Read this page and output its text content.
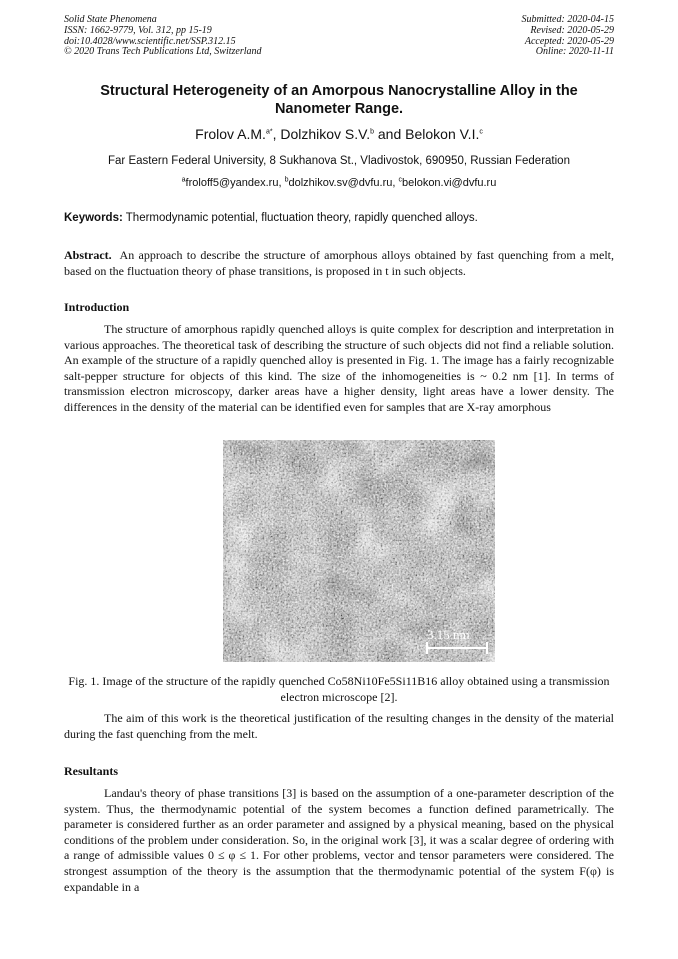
Solid State Phenomena
ISSN: 1662-9779, Vol. 312, pp 15-19
doi:10.4028/www.scientific.net/SSP.312.15
© 2020 Trans Tech Publications Ltd, Switzerland
Submitted: 2020-04-15
Revised: 2020-05-29
Accepted: 2020-05-29
Online: 2020-11-11
Structural Heterogeneity of an Amorpous Nanocrystalline Alloy in the Nanometer Range.
Frolov A.M.$^{a*}$, Dolzhikov S.V.$^b$ and Belokon V.I.$^c$
Far Eastern Federal University, 8 Sukhanova St., Vladivostok, 690950, Russian Federation
$^a$froloff5@yandex.ru, $^b$dolzhikov.sv@dvfu.ru, $^c$belokon.vi@dvfu.ru
Keywords: Thermodynamic potential, fluctuation theory, rapidly quenched alloys.
Abstract.  An approach to describe the structure of amorphous alloys obtained by fast quenching from a melt, based on the fluctuation theory of phase transitions, is proposed in t in such objects.
Introduction
The structure of amorphous rapidly quenched alloys is quite complex for description and interpretation in various approaches. The theoretical task of describing the structure of such objects did not find a reliable solution. An example of the structure of a rapidly quenched alloy is presented in Fig. 1. The image has a fairly recognizable salt-pepper structure for objects of this kind. The size of the inhomogeneities is ~ 0.2 nm [1]. In terms of transmission electron microscopy, darker areas have a higher density, light areas have a lower density. The differences in the density of the material can be identified even for samples that are X-ray amorphous
3.15 nm
Fig. 1. Image of the structure of the rapidly quenched Co58Ni10Fe5Si11B16 alloy obtained using a transmission electron microscope [2].
The aim of this work is the theoretical justification of the resulting changes in the density of the material during the fast quenching from the melt.
Resultants
Landau's theory of phase transitions [3] is based on the assumption of a one-parameter description of the system. Thus, the thermodynamic potential of the system becomes a function defined parametrically. The parameter is considered further as an order parameter and assigned by a physical meaning, based on the physical conditions of the problem under consideration. So, in the original work [3], it was a scalar degree of ordering with a range of admissible values 0 ≤ φ ≤ 1. For other problems, vector and tensor parameters were considered. The strongest assumption of the theory is the assumption that the thermodynamic potential of the system F(φ) is expandable in a
